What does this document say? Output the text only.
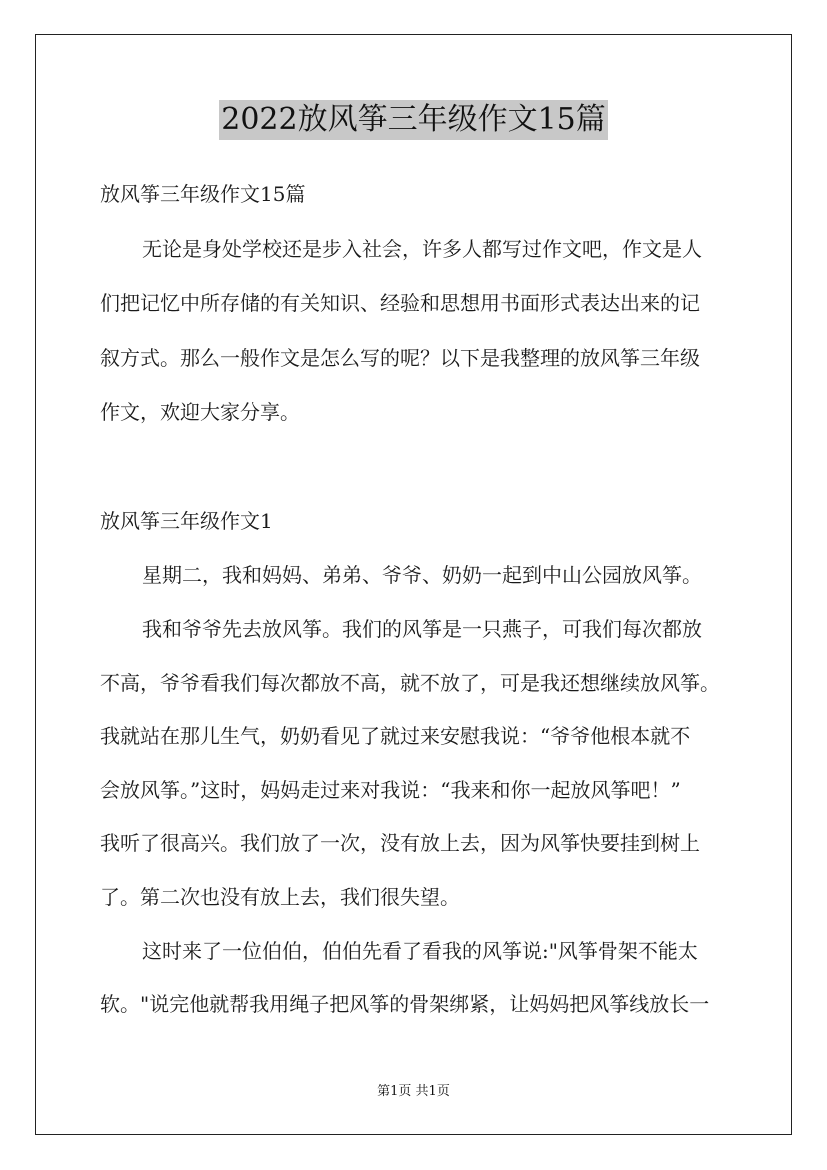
2022放风筝三年级作文15篇
放风筝三年级作文15篇
无论是身处学校还是步入社会，许多人都写过作文吧，作文是人
们把记忆中所存储的有关知识、经验和思想用书面形式表达出来的记
叙方式。那么一般作文是怎么写的呢？以下是我整理的放风筝三年级
作文，欢迎大家分享。
放风筝三年级作文1
星期二，我和妈妈、弟弟、爷爷、奶奶一起到中山公园放风筝。
我和爷爷先去放风筝。我们的风筝是一只燕子，可我们每次都放
不高，爷爷看我们每次都放不高，就不放了，可是我还想继续放风筝。
我就站在那儿生气，奶奶看见了就过来安慰我说：“爷爷他根本就不
会放风筝。”这时，妈妈走过来对我说：“我来和你一起放风筝吧！”
我听了很高兴。我们放了一次，没有放上去，因为风筝快要挂到树上
了。第二次也没有放上去，我们很失望。
这时来了一位伯伯，伯伯先看了看我的风筝说:"风筝骨架不能太
软。"说完他就帮我用绳子把风筝的骨架绑紧，让妈妈把风筝线放长一
第1页 共1页
